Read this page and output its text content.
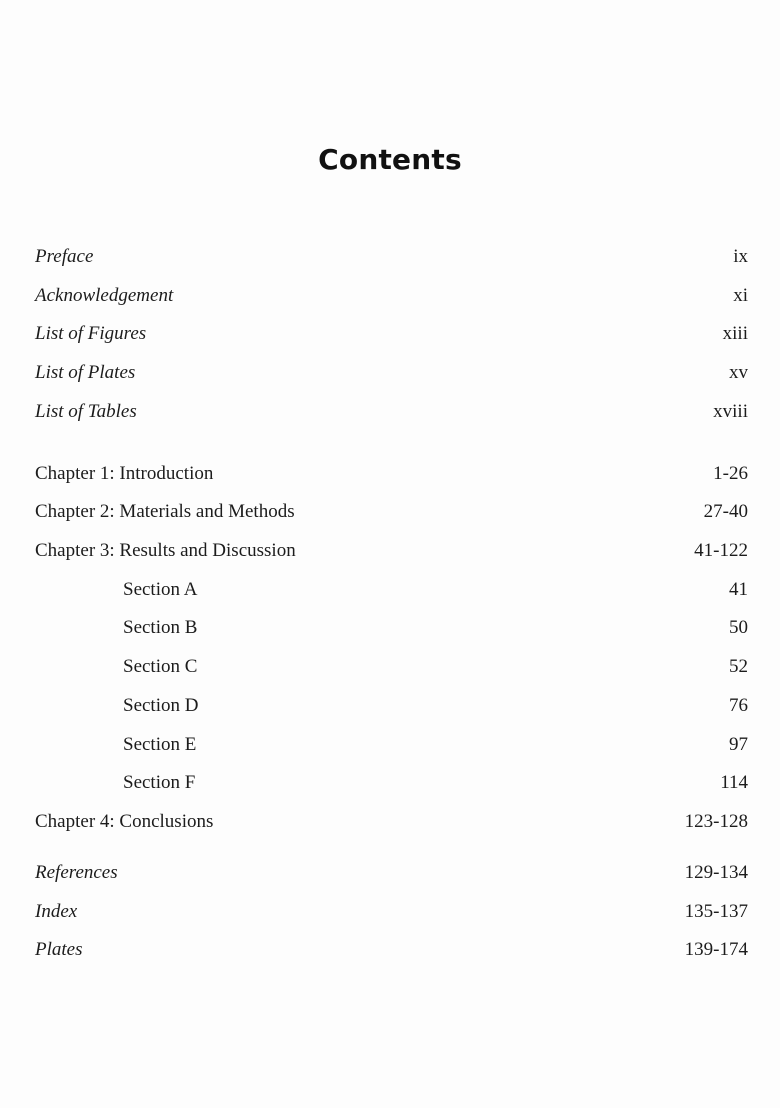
Contents
Preface	ix
Acknowledgement	xi
List of Figures	xiii
List of Plates	xv
List of Tables	xviii
Chapter 1: Introduction	1-26
Chapter 2: Materials and Methods	27-40
Chapter 3: Results and Discussion	41-122
Section A	41
Section B	50
Section C	52
Section D	76
Section E	97
Section F	114
Chapter 4: Conclusions	123-128
References	129-134
Index	135-137
Plates	139-174
